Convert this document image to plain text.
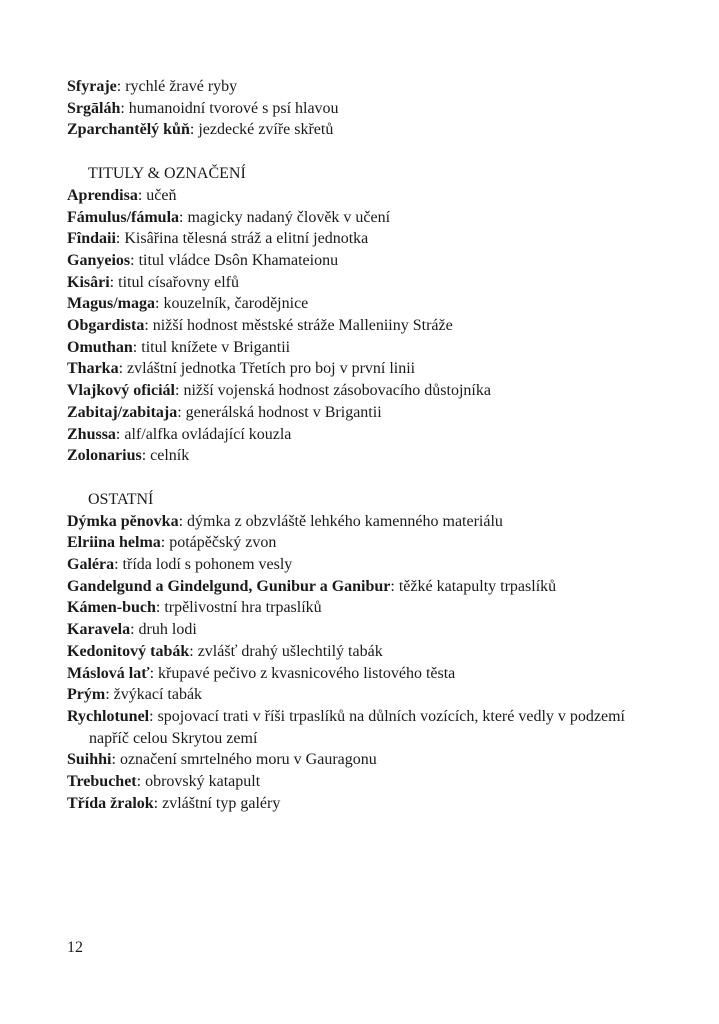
Sfyraje: rychlé žravé ryby
Srgāláh: humanoidní tvorové s psí hlavou
Zparchantělý kůň: jezdecké zvíře skřetů
TITULY & OZNAČENÍ
Aprendisa: učeň
Fámulus/fámula: magicky nadaný člověk v učení
Fîndaii: Kisâřina tělesná stráž a elitní jednotka
Ganyeios: titul vládce Dsôn Khamateionu
Kisâri: titul císařovny elfů
Magus/maga: kouzelník, čarodějnice
Obgardista: nižší hodnost městské stráže Malleniiny Stráže
Omuthan: titul knížete v Brigantii
Tharka: zvláštní jednotka Třetích pro boj v první linii
Vlajkový oficiál: nižší vojenská hodnost zásobovacího důstojníka
Zabitaj/zabitaja: generálská hodnost v Brigantii
Zhussa: alf/alfka ovládající kouzla
Zolonarius: celník
OSTATNÍ
Dýmka pěnovka: dýmka z obzvláště lehkého kamenného materiálu
Elriina helma: potápěčský zvon
Galéra: třída lodí s pohonem vesly
Gandelgund a Gindelgund, Gunibur a Ganibur: těžké katapulty trpaslíků
Kámen-buch: trpělivostní hra trpaslíků
Karavela: druh lodi
Kedonitový tabák: zvlášť drahý ušlechtilý tabák
Máslová lať: křupavé pečivo z kvasnicového listového těsta
Prým: žvýkací tabák
Rychlotunel: spojovací trati v říši trpaslíků na důlních vozících, které vedly v podzemí napříč celou Skrytou zemí
Suihhi: označení smrtelného moru v Gauragonu
Trebuchet: obrovský katapult
Třída žralok: zvláštní typ galéry
12
